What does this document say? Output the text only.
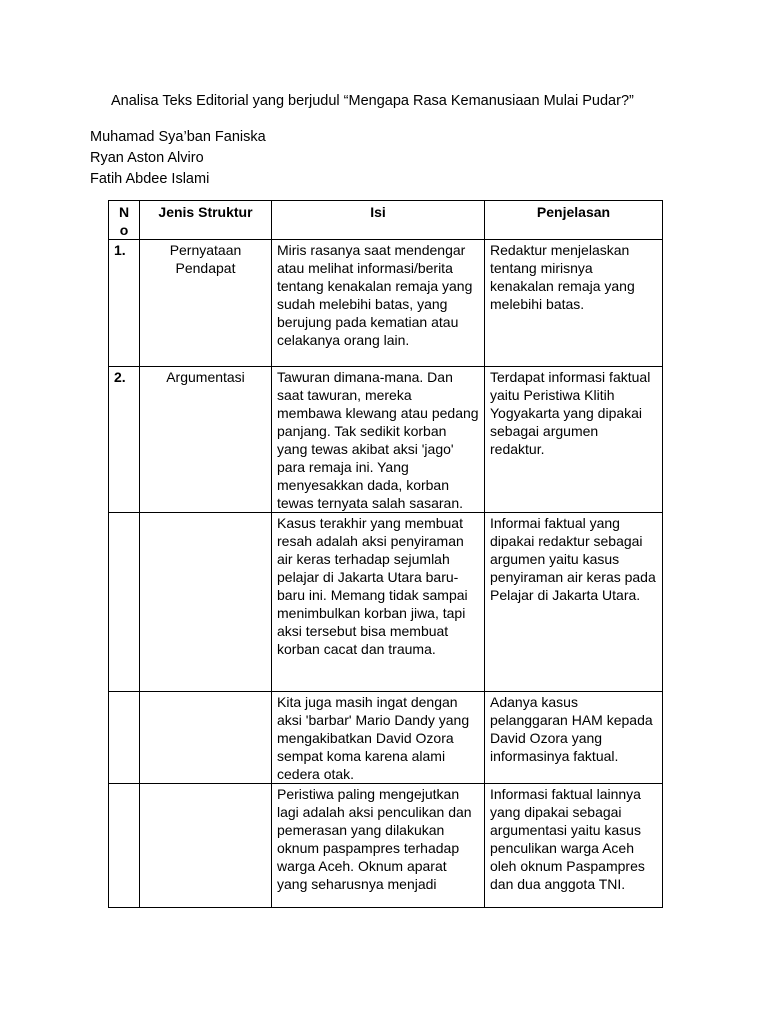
Analisa Teks Editorial yang berjudul “Mengapa Rasa Kemanusiaan Mulai Pudar?”

Muhamad Sya’ban Faniska
Ryan Aston Alviro
Fatih Abdee Islami
No	Jenis Struktur	Isi	Penjelasan
1.	Pernyataan Pendapat	Miris rasanya saat mendengar atau melihat informasi/berita tentang kenakalan remaja yang sudah melebihi batas, yang berujung pada kematian atau celakanya orang lain.	Redaktur menjelaskan tentang mirisnya kenakalan remaja yang melebihi batas.
2.	Argumentasi	Tawuran dimana-mana. Dan saat tawuran, mereka membawa klewang atau pedang panjang. Tak sedikit korban yang tewas akibat aksi 'jago' para remaja ini. Yang menyesakkan dada, korban tewas ternyata salah sasaran.	Terdapat informasi faktual yaitu Peristiwa Klitih Yogyakarta yang dipakai sebagai argumen
redaktur.
		Kasus terakhir yang membuat resah adalah aksi penyiraman air keras terhadap sejumlah pelajar di Jakarta Utara baru-baru ini. Memang tidak sampai menimbulkan korban jiwa, tapi aksi tersebut bisa membuat korban cacat dan trauma.	Informai faktual yang dipakai redaktur sebagai argumen yaitu kasus penyiraman air keras pada Pelajar di Jakarta Utara.
		Kita juga masih ingat dengan aksi 'barbar' Mario Dandy yang mengakibatkan David Ozora sempat koma karena alami cedera otak.	Adanya kasus pelanggaran HAM kepada David Ozora yang informasinya faktual.
		Peristiwa paling mengejutkan lagi adalah aksi penculikan dan pemerasan yang dilakukan oknum paspampres terhadap warga Aceh. Oknum aparat yang seharusnya menjadi	Informasi faktual lainnya yang dipakai sebagai argumentasi yaitu kasus penculikan warga Aceh oleh oknum Paspampres dan dua anggota TNI.
